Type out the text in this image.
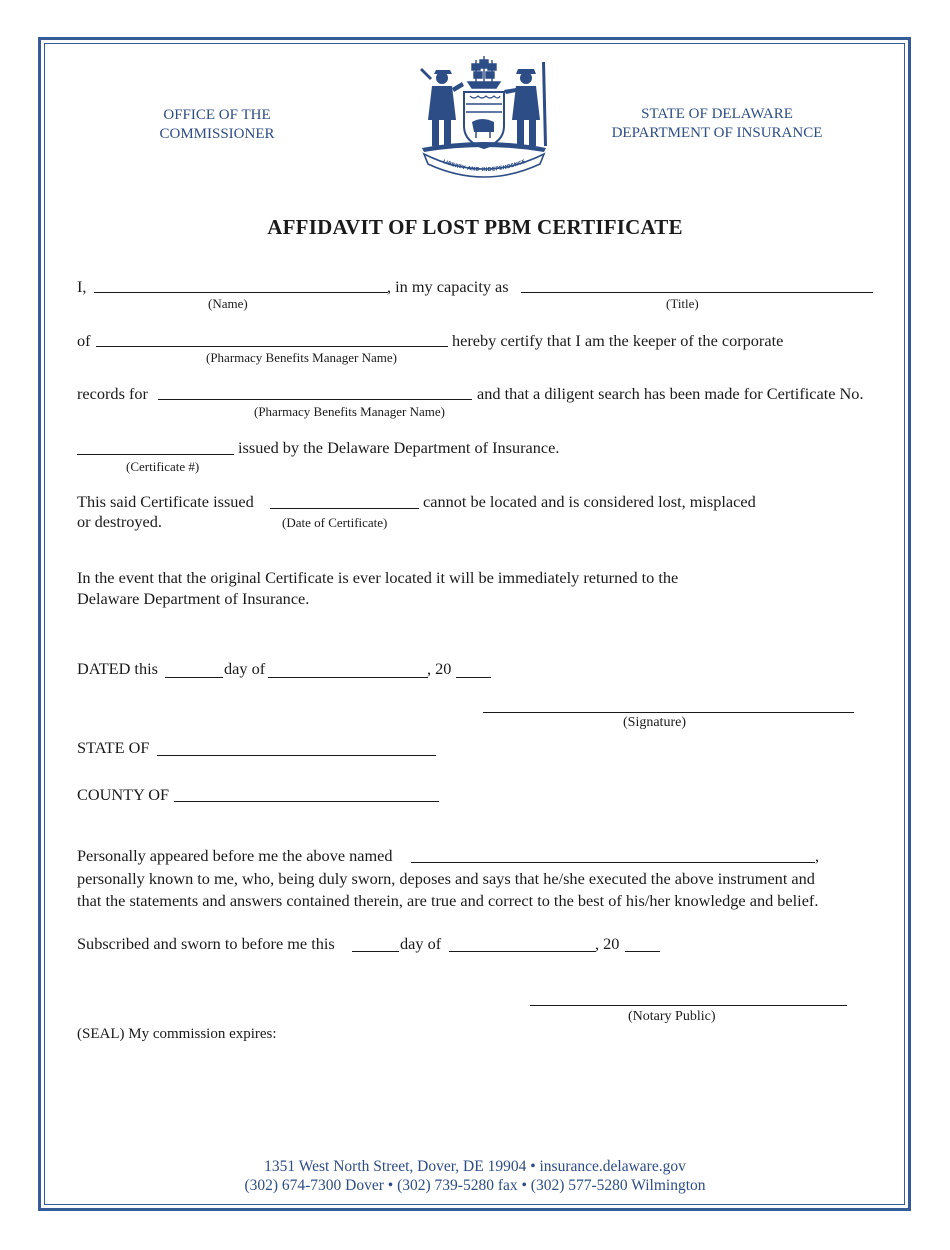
OFFICE OF THE
COMMISSIONER
LIBERTY AND INDEPENDENCE
STATE OF DELAWARE
DEPARTMENT OF INSURANCE
AFFIDAVIT OF LOST PBM CERTIFICATE
I,	, in my capacity as
(Name)	(Title)
of	hereby certify that I am the keeper of the corporate
(Pharmacy Benefits Manager Name)
records for	and that a diligent search has been made for Certificate No.
(Pharmacy Benefits Manager Name)
issued by the Delaware Department of Insurance.
(Certificate #)
This said Certificate issued	cannot be located and is considered lost, misplaced
or destroyed.	(Date of Certificate)
In the event that the original Certificate is ever located it will be immediately returned to the
Delaware Department of Insurance.
DATED this	day of	, 20
(Signature)
STATE OF
COUNTY OF
Personally appeared before me the above named	,
personally known to me, who, being duly sworn, deposes and says that he/she executed the above instrument and
that the statements and answers contained therein, are true and correct to the best of his/her knowledge and belief.
Subscribed and sworn to before me this	day of	, 20
(Notary Public)
(SEAL) My commission expires:
1351 West North Street, Dover, DE 19904 • insurance.delaware.gov
(302) 674-7300 Dover • (302) 739-5280 fax • (302) 577-5280 Wilmington
